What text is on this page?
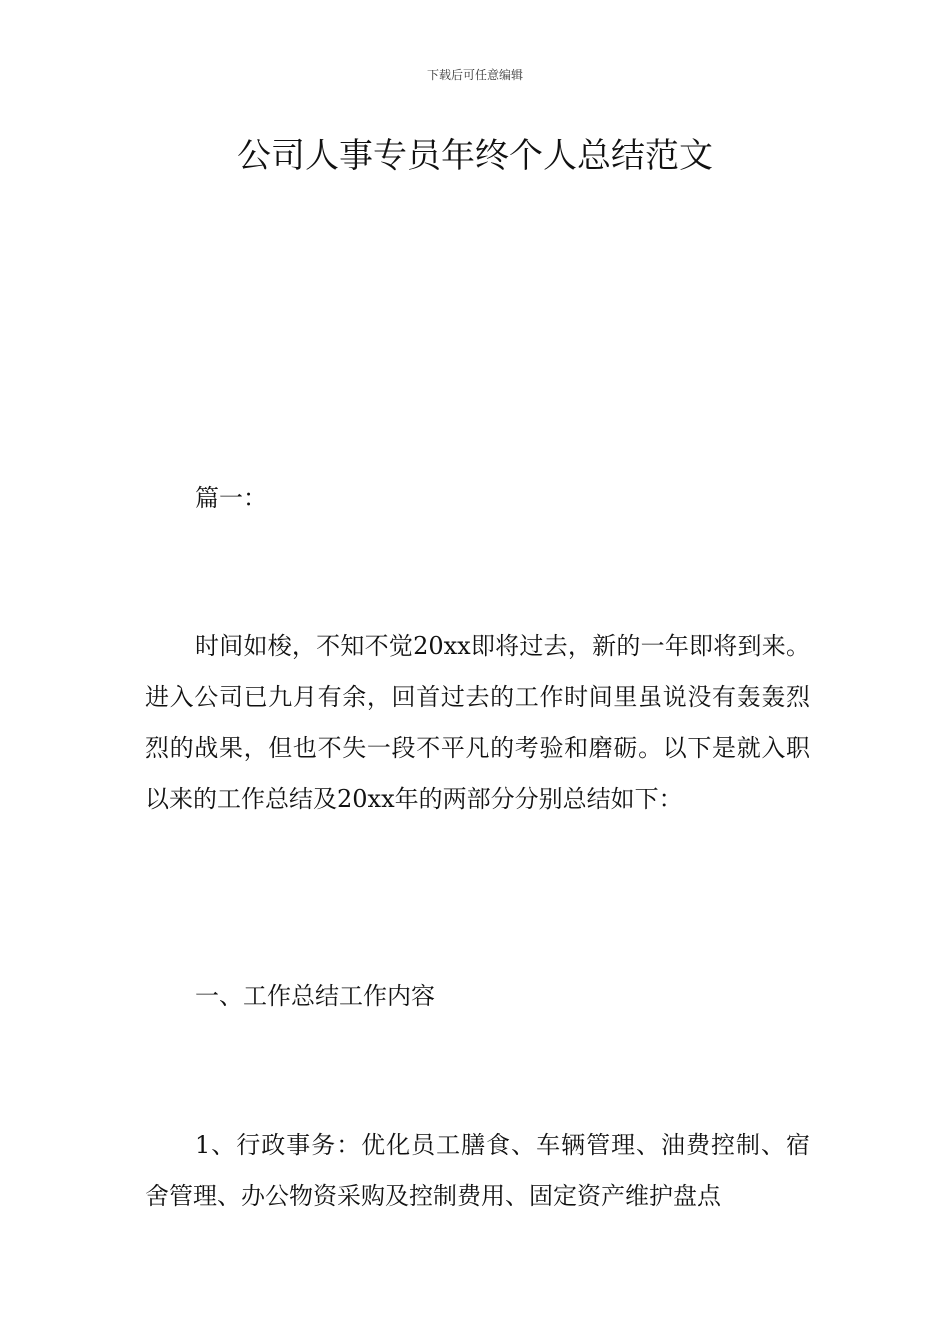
下载后可任意编辑
公司人事专员年终个人总结范文

篇一：

时间如梭，不知不觉20xx即将过去，新的一年即将到来。进入公司已九月有余，回首过去的工作时间里虽说没有轰轰烈烈的战果，但也不失一段不平凡的考验和磨砺。以下是就入职以来的工作总结及20xx年的两部分分别总结如下：

一、工作总结工作内容

1、行政事务：优化员工膳食、车辆管理、油费控制、宿舍管理、办公物资采购及控制费用、固定资产维护盘点
